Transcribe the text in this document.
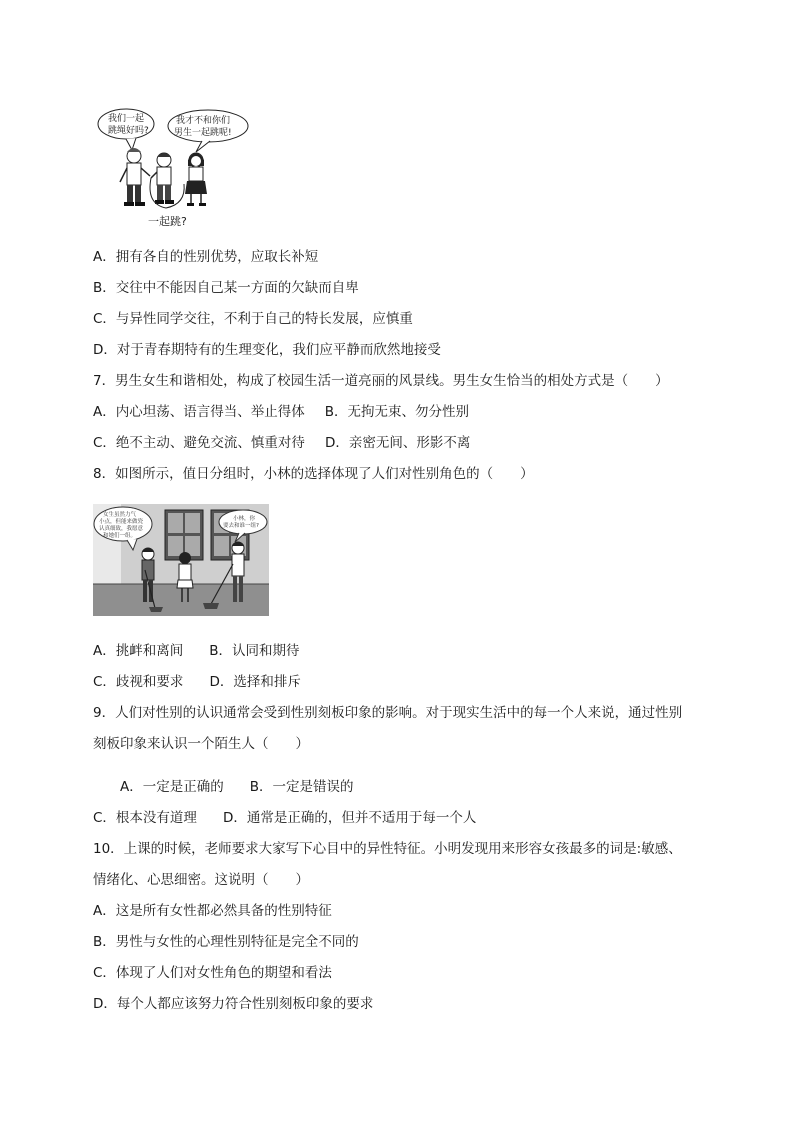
我们一起
跳绳好吗?
我才不和你们
男生一起跳呢!
一起跳?
A．拥有各自的性别优势，应取长补短
B．交往中不能因自己某一方面的欠缺而自卑
C．与异性同学交往，不利于自己的特长发展，应慎重
D．对于青春期特有的生理变化，我们应平静而欣然地接受
7．男生女生和谐相处，构成了校园生活一道亮丽的风景线。男生女生恰当的相处方式是（　　）
A．内心坦荡、语言得当、举止得体 B．无拘无束、勿分性别
C．绝不主动、避免交流、慎重对待 D．亲密无间、形影不离
8．如图所示，值日分组时，小林的选择体现了人们对性别角色的（　　）
女生虽然力气
小点，但能来做瓷
认真细致，我愿意
和她们一组。
小林，你
要去和谁一组?
A．挑衅和离间 B．认同和期待
C．歧视和要求 D．选择和排斥
9．人们对性别的认识通常会受到性别刻板印象的影响。对于现实生活中的每一个人来说，通过性别
刻板印象来认识一个陌生人（　　）
A．一定是正确的 B．一定是错误的
C．根本没有道理 D．通常是正确的，但并不适用于每一个人
10．上课的时候，老师要求大家写下心目中的异性特征。小明发现用来形容女孩最多的词是:敏感、
情绪化、心思细密。这说明（　　）
A．这是所有女性都必然具备的性别特征
B．男性与女性的心理性别特征是完全不同的
C．体现了人们对女性角色的期望和看法
D．每个人都应该努力符合性别刻板印象的要求
